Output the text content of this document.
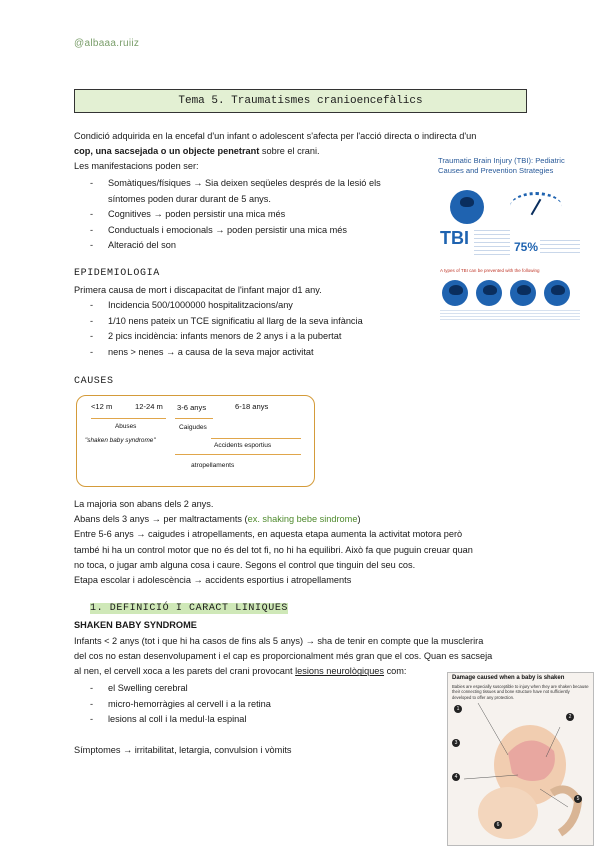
@albaaa.ruiiz
Tema 5. Traumatismes cranioencefàlics
Condició adquirida en la encefal d'un infant o adolescent s'afecta per l'acció directa o indirecta d'un
cop, una sacsejada o un objecte penetrant sobre el crani.
Les manifestacions poden ser:
- Somàtiques/físiques → Sia deixen seqüeles després de la lesió els
síntomes poden durar durant de 5 anys.
- Cognitives → poden persistir una mica més
- Conductuals i emocionals → poden persistir una mica més
- Alteració del son
Traumatic Brain Injury (TBI): Pediatric
Causes and Prevention Strategies
TBI	75%
A types of TBI can be prevented with the following
EPIDEMIOLOGIA
Primera causa de mort i discapacitat de l'infant major d1 any.
- Incidencia 500/1000000 hospitalitzacions/any
- 1/10 nens pateix un TCE significatiu al llarg de la seva infància
- 2 pics incidència: infants menors de 2 anys i a la pubertat
- nens > nenes → a causa de la seva major activitat
CAUSES
<12 m	12-24 m 3-6 anys	6-18 anys
Abuses
"shaken baby syndrome"
Caigudes
Accidents esportius
atropellaments
La majoria son abans dels 2 anys.
Abans dels 3 anys → per maltractaments (ex. shaking bebe sindrome)
Entre 5-6 anys → caigudes i atropellaments, en aquesta etapa aumenta la activitat motora però
també hi ha un control motor que no és del tot fi, no hi ha equilibri. Això fa que puguin creuar quan
no toca, o jugar amb alguna cosa i caure. Segons el control que tinguin del seu cos.
Etapa escolar i adolescència → accidents esportius i atropellaments
1. DEFINICIÓ I CARACT LINIQUES
SHAKEN BABY SYNDROME
Infants < 2 anys (tot i que hi ha casos de fins als 5 anys) → sha de tenir en compte que la musclerira
del cos no estan desenvolupament i el cap es proporcionalment més gran que el cos. Quan es sacseja
al nen, el cervell xoca a les parets del crani provocant lesions neurològiques com:
- el Swelling cerebral
- micro-hemorràgies al cervell i a la retina
- lesions al coll i la medul·la espinal
Símptomes → irritabilitat, letargia, convulsion i vòmits
Damage caused when a baby is shaken
Babies are especially susceptible to injury when they are shaken because their connecting tissues and bone structure have not sufficiently developed to offer any protection.
1
2
3
4
5
6
